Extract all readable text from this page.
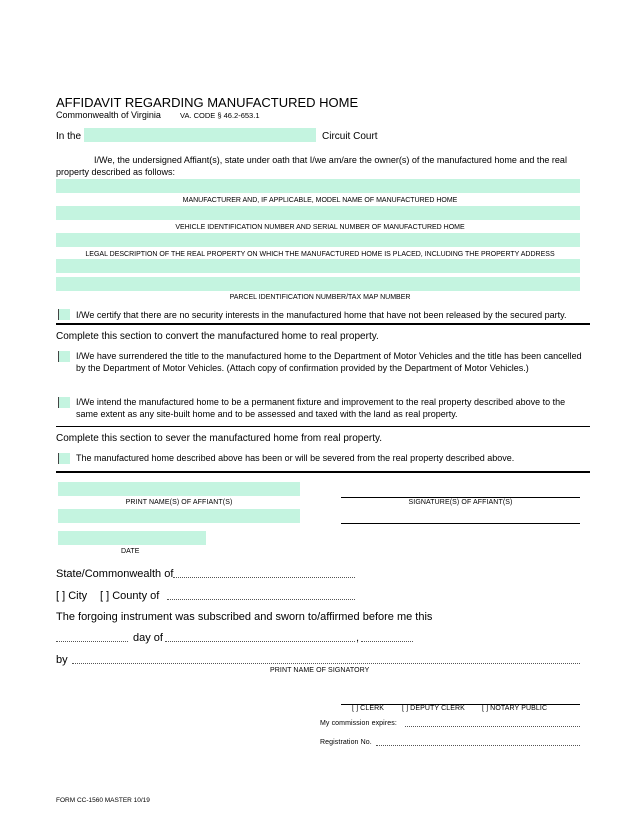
AFFIDAVIT REGARDING MANUFACTURED HOME
Commonwealth of Virginia	VA. CODE § 46.2-653.1
In the	Circuit Court
I/We, the undersigned Affiant(s), state under oath that I/we am/are the owner(s) of the manufactured home and the real property described as follows:
MANUFACTURER AND, IF APPLICABLE, MODEL NAME OF MANUFACTURED HOME
VEHICLE IDENTIFICATION NUMBER AND SERIAL NUMBER OF MANUFACTURED HOME
LEGAL DESCRIPTION OF THE REAL PROPERTY ON WHICH THE MANUFACTURED HOME IS PLACED, INCLUDING THE PROPERTY ADDRESS
PARCEL IDENTIFICATION NUMBER/TAX MAP NUMBER
I/We certify that there are no security interests in the manufactured home that have not been released by the secured party.
Complete this section to convert the manufactured home to real property.
I/We have surrendered the title to the manufactured home to the Department of Motor Vehicles and the title has been cancelled by the Department of Motor Vehicles. (Attach copy of confirmation provided by the Department of Motor Vehicles.)
I/We intend the manufactured home to be a permanent fixture and improvement to the real property described above to the same extent as any site-built home and to be assessed and taxed with the land as real property.
Complete this section to sever the manufactured home from real property.
The manufactured home described above has been or will be severed from the real property described above.
PRINT NAME(S) OF AFFIANT(S)	SIGNATURE(S) OF AFFIANT(S)
DATE
State/Commonwealth of
[ ] City [ ] County of
The forgoing instrument was subscribed and sworn to/affirmed before me this
day of	,
by
PRINT NAME OF SIGNATORY
[ ] CLERK	[ ] DEPUTY CLERK [ ] NOTARY PUBLIC
My commission expires:
Registration No.
FORM CC-1560 MASTER 10/19
